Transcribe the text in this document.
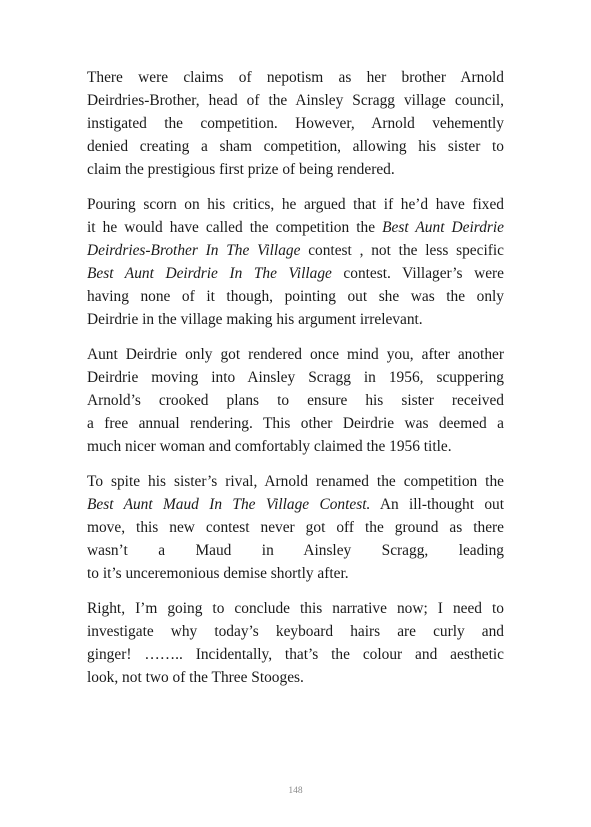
There were claims of nepotism as her brother Arnold
Deirdries-Brother, head of the Ainsley Scragg village council,
instigated the competition. However, Arnold vehemently
denied creating a sham competition, allowing his sister to
claim the prestigious first prize of being rendered.
Pouring scorn on his critics, he argued that if he’d have fixed
it he would have called the competition the Best Aunt Deirdrie
Deirdries-Brother In The Village contest , not the less specific
Best Aunt Deirdrie In The Village contest. Villager’s were
having none of it though, pointing out she was the only
Deirdrie in the village making his argument irrelevant.
Aunt Deirdrie only got rendered once mind you, after another
Deirdrie moving into Ainsley Scragg in 1956, scuppering
Arnold’s crooked plans to ensure his sister received
a free annual rendering. This other Deirdrie was deemed a
much nicer woman and comfortably claimed the 1956 title.
To spite his sister’s rival, Arnold renamed the competition the
Best Aunt Maud In The Village Contest. An ill-thought out
move, this new contest never got off the ground as there
wasn’t a Maud in Ainsley Scragg, leading
to it’s unceremonious demise shortly after.
Right, I’m going to conclude this narrative now; I need to
investigate why today’s keyboard hairs are curly and
ginger! …….. Incidentally, that’s the colour and aesthetic
look, not two of the Three Stooges.
148
